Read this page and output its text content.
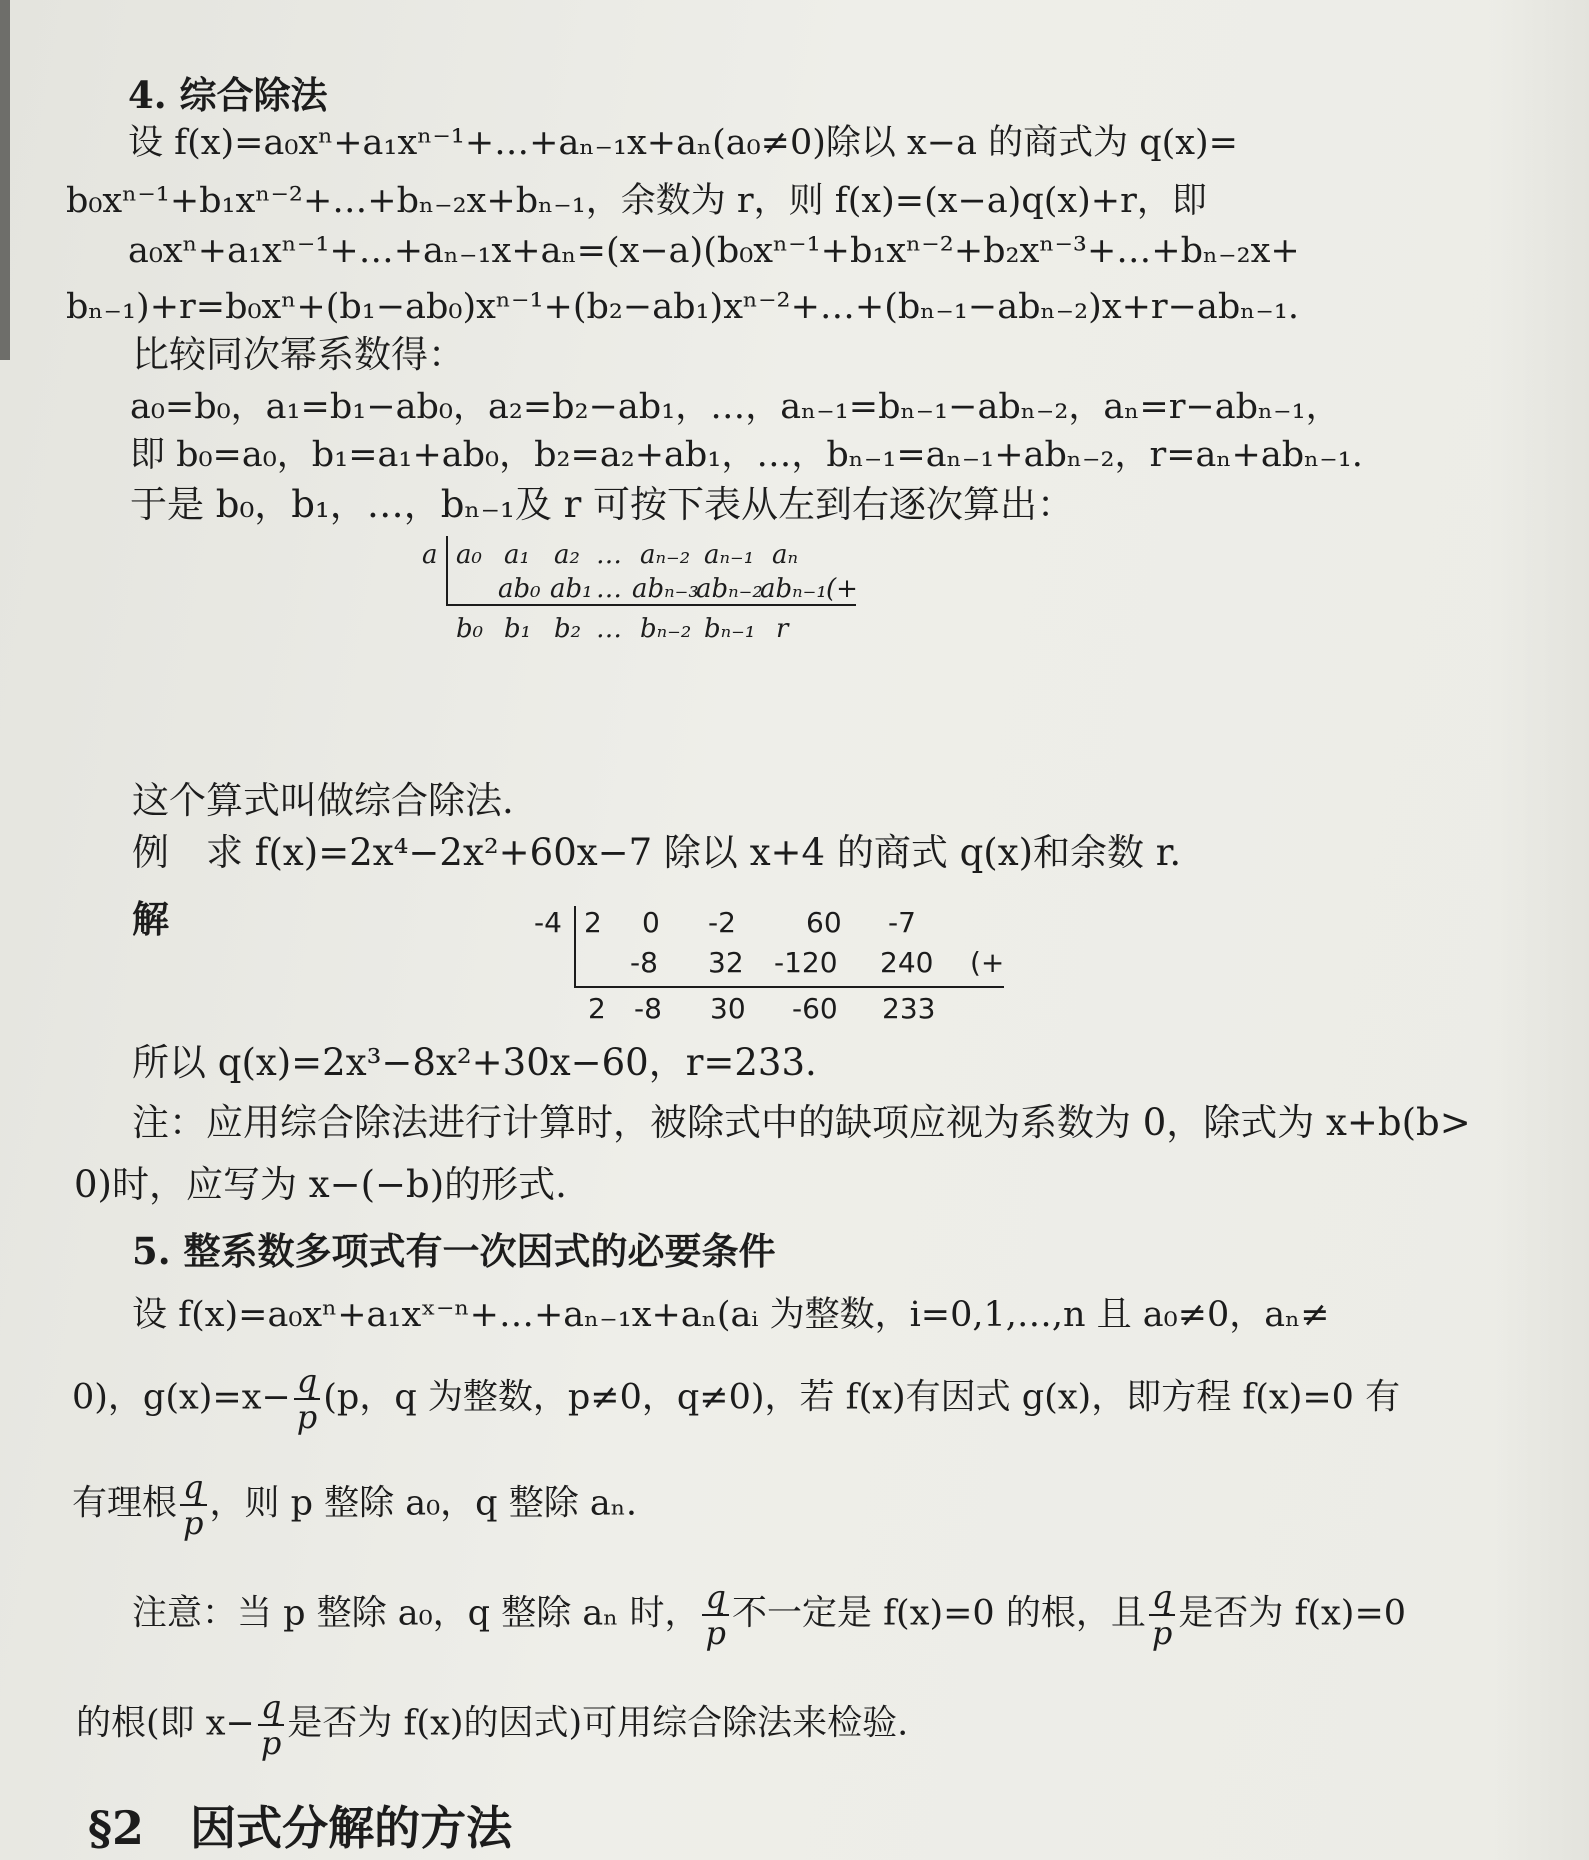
4. 综合除法
设 f(x)=a₀xⁿ+a₁xⁿ⁻¹+…+aₙ₋₁x+aₙ(a₀≠0)除以 x−a 的商式为 q(x)=
b₀xⁿ⁻¹+b₁xⁿ⁻²+…+bₙ₋₂x+bₙ₋₁，余数为 r，则 f(x)=(x−a)q(x)+r，即
a₀xⁿ+a₁xⁿ⁻¹+…+aₙ₋₁x+aₙ=(x−a)(b₀xⁿ⁻¹+b₁xⁿ⁻²+b₂xⁿ⁻³+…+bₙ₋₂x+
bₙ₋₁)+r=b₀xⁿ+(b₁−ab₀)xⁿ⁻¹+(b₂−ab₁)xⁿ⁻²+…+(bₙ₋₁−abₙ₋₂)x+r−abₙ₋₁.
比较同次幂系数得：
a₀=b₀，a₁=b₁−ab₀，a₂=b₂−ab₁，…，aₙ₋₁=bₙ₋₁−abₙ₋₂，aₙ=r−abₙ₋₁，
即 b₀=a₀，b₁=a₁+ab₀，b₂=a₂+ab₁，…，bₙ₋₁=aₙ₋₁+abₙ₋₂，r=aₙ+abₙ₋₁.
于是 b₀，b₁，…，bₙ₋₁及 r 可按下表从左到右逐次算出：
a a₀ a₁ a₂ … aₙ₋₂ aₙ₋₁ aₙ
ab₀ ab₁ … abₙ₋₃
abₙ₋₂
abₙ₋₁ (+
b₀ b₁ b₂ … bₙ₋₂ bₙ₋₁ r
这个算式叫做综合除法.
例　求 f(x)=2x⁴−2x²+60x−7 除以 x+4 的商式 q(x)和余数 r.
解	-4 2 0 -2	60 -7
-8 32 -120 240 (+
2 -8 30 -60 233
所以 q(x)=2x³−8x²+30x−60，r=233.
注：应用综合除法进行计算时，被除式中的缺项应视为系数为 0，除式为 x+b(b>
0)时，应写为 x−(−b)的形式.
5. 整系数多项式有一次因式的必要条件
设 f(x)=a₀xⁿ+a₁xˣ⁻ⁿ+…+aₙ₋₁x+aₙ(aᵢ 为整数，i=0,1,…,n 且 a₀≠0，aₙ≠
0)，$g(x)=x- \frac{q}{p} (p$，q 为整数，p≠0，q≠0)，若 f(x)有因式 g(x)，即方程 f(x)=0 有
有理根 $\frac{q}{p}$ ，则 p 整除 a₀，q 整除 aₙ.
注意：当 p 整除 a₀，q 整除 aₙ 时， $\frac{q}{p}$ 不一定是 f(x)=0 的根，且 $\frac{q}{p}$ 是否为 f(x)=0
的根(即 $x- \frac{q}{p}$ 是否为 f(x)的因式)可用综合除法来检验.
§2　因式分解的方法
